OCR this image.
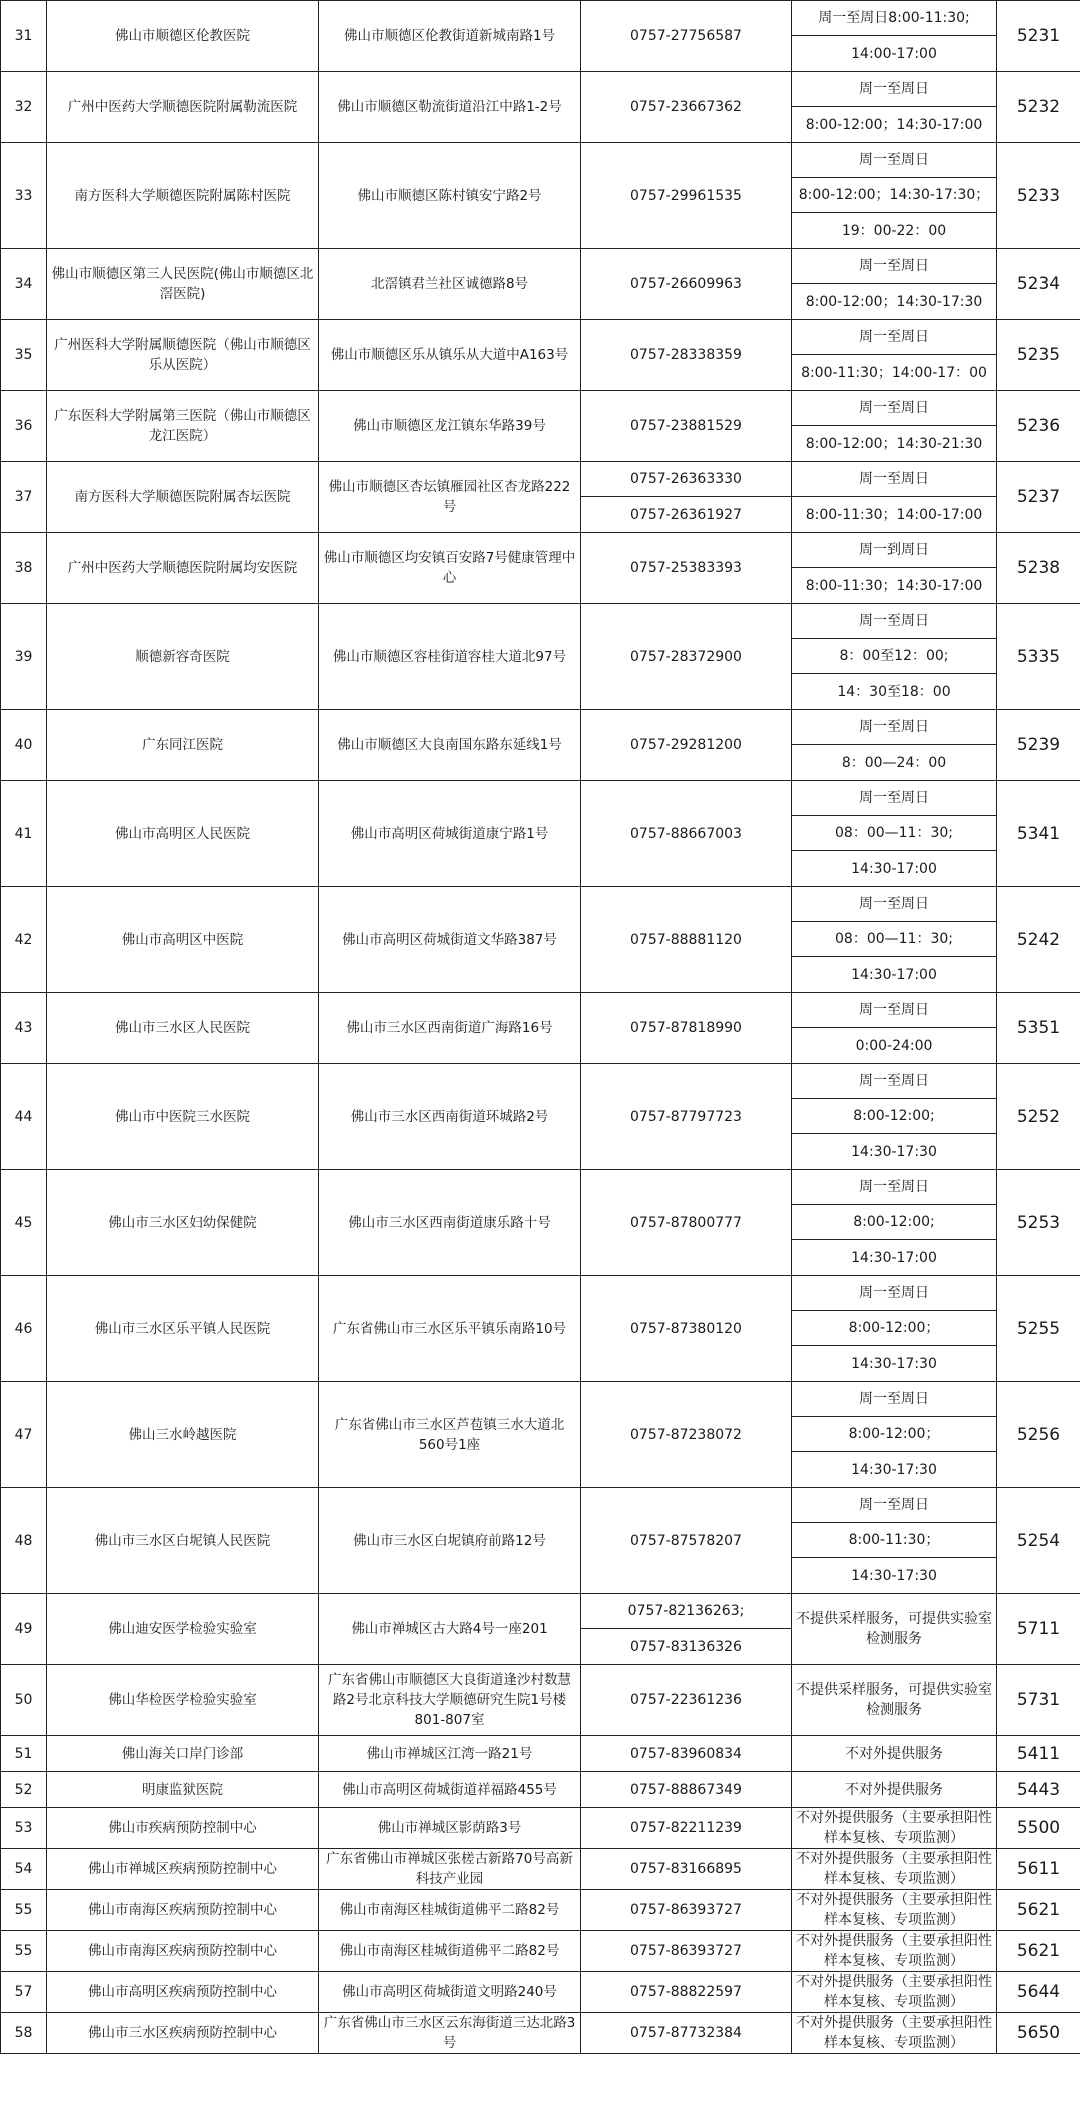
31	佛山市顺德区伦教医院	佛山市顺德区伦教街道新城南路1号	0757-27756587	周一至周日8:00-11:30;	5231
				14:00-17:00	
32	广州中医药大学顺德医院附属勒流医院	佛山市顺德区勒流街道沿江中路1-2号	0757-23667362	周一至周日	5232
				8:00-12:00；14:30-17:00	
33	南方医科大学顺德医院附属陈村医院	佛山市顺德区陈村镇安宁路2号	0757-29961535	周一至周日	5233
				8:00-12:00；14:30-17:30；	
				19：00-22：00	
34	佛山市顺德区第三人民医院(佛山市顺德区北滘医院)	北滘镇君兰社区诚德路8号	0757-26609963	周一至周日	5234
				8:00-12:00；14:30-17:30	
35	广州医科大学附属顺德医院（佛山市顺德区乐从医院）	佛山市顺德区乐从镇乐从大道中A163号	0757-28338359	周一至周日	5235
				8:00-11:30；14:00-17：00	
36	广东医科大学附属第三医院（佛山市顺德区龙江医院）	佛山市顺德区龙江镇东华路39号	0757-23881529	周一至周日	5236
				8:00-12:00；14:30-21:30	
37	南方医科大学顺德医院附属杏坛医院	佛山市顺德区杏坛镇雁园社区杏龙路222号	0757-26363330	周一至周日	5237
			0757-26361927	8:00-11:30；14:00-17:00	
38	广州中医药大学顺德医院附属均安医院	佛山市顺德区均安镇百安路7号健康管理中心	0757-25383393	周一到周日	5238
				8:00-11:30；14:30-17:00	
39	顺德新容奇医院	佛山市顺德区容桂街道容桂大道北97号	0757-28372900	周一至周日	5335
				8：00至12：00;	
				14：30至18：00	
40	广东同江医院	佛山市顺德区大良南国东路东延线1号	0757-29281200	周一至周日	5239
				8：00—24：00	
41	佛山市高明区人民医院	佛山市高明区荷城街道康宁路1号	0757-88667003	周一至周日	5341
				08：00—11：30;	
				14:30-17:00	
42	佛山市高明区中医院	佛山市高明区荷城街道文华路387号	0757-88881120	周一至周日	5242
				08：00—11：30;	
				14:30-17:00	
43	佛山市三水区人民医院	佛山市三水区西南街道广海路16号	0757-87818990	周一至周日	5351
				0:00-24:00	
44	佛山市中医院三水医院	佛山市三水区西南街道环城路2号	0757-87797723	周一至周日	5252
				8:00-12:00;	
				14:30-17:30	
45	佛山市三水区妇幼保健院	佛山市三水区西南街道康乐路十号	0757-87800777	周一至周日	5253
				8:00-12:00;	
				14:30-17:00	
46	佛山市三水区乐平镇人民医院	广东省佛山市三水区乐平镇乐南路10号	0757-87380120	周一至周日	5255
				8:00-12:00；	
				14:30-17:30	
47	佛山三水岭越医院	广东省佛山市三水区芦苞镇三水大道北560号1座	0757-87238072	周一至周日	5256
				8:00-12:00；	
				14:30-17:30	
48	佛山市三水区白坭镇人民医院	佛山市三水区白坭镇府前路12号	0757-87578207	周一至周日	5254
				8:00-11:30；	
				14:30-17:30	
49	佛山迪安医学检验实验室	佛山市禅城区古大路4号一座201	0757-82136263;	不提供采样服务，可提供实验室检测服务	5711
			0757-83136326		
50	佛山华检医学检验实验室	广东省佛山市顺德区大良街道逢沙村数慧路2号北京科技大学顺德研究生院1号楼801-807室	0757-22361236	不提供采样服务，可提供实验室检测服务	5731
51	佛山海关口岸门诊部	佛山市禅城区江湾一路21号	0757-83960834	不对外提供服务	5411
52	明康监狱医院	佛山市高明区荷城街道祥福路455号	0757-88867349	不对外提供服务	5443
53	佛山市疾病预防控制中心	佛山市禅城区影荫路3号	0757-82211239	不对外提供服务（主要承担阳性样本复核、专项监测）	5500
54	佛山市禅城区疾病预防控制中心	广东省佛山市禅城区张槎古新路70号高新科技产业园	0757-83166895	不对外提供服务（主要承担阳性样本复核、专项监测）	5611
55	佛山市南海区疾病预防控制中心	佛山市南海区桂城街道佛平二路82号	0757-86393727	不对外提供服务（主要承担阳性样本复核、专项监测）	5621
55	佛山市南海区疾病预防控制中心	佛山市南海区桂城街道佛平二路82号	0757-86393727	不对外提供服务（主要承担阳性样本复核、专项监测）	5621
57	佛山市高明区疾病预防控制中心	佛山市高明区荷城街道文明路240号	0757-88822597	不对外提供服务（主要承担阳性样本复核、专项监测）	5644
58	佛山市三水区疾病预防控制中心	广东省佛山市三水区云东海街道三达北路3号	0757-87732384	不对外提供服务（主要承担阳性样本复核、专项监测）	5650
